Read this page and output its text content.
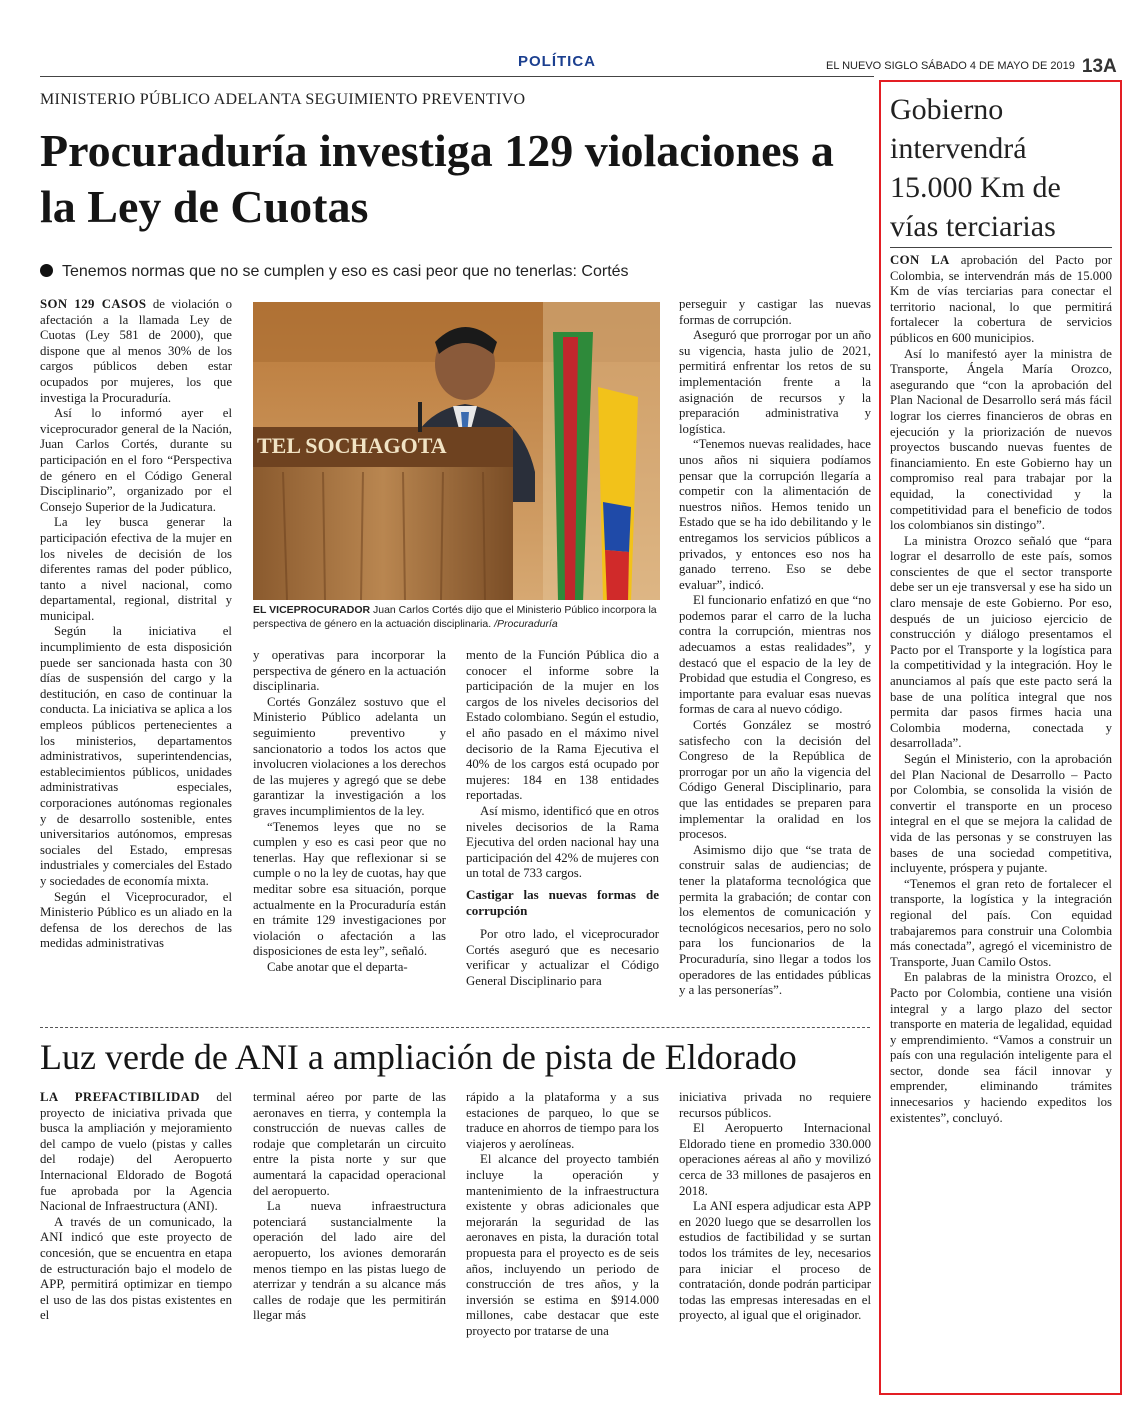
POLÍTICA	EL NUEVO SIGLO SÁBADO 4 DE MAYO DE 2019 13A
MINISTERIO PÚBLICO ADELANTA SEGUIMIENTO PREVENTIVO
Procuraduría investiga 129 violaciones a la Ley de Cuotas
Tenemos normas que no se cumplen y eso es casi peor que no tenerlas: Cortés

SON 129 CASOS de violación o afectación a la llamada Ley de Cuotas (Ley 581 de 2000), que dispone que al menos 30% de los cargos públicos deben estar ocupados por mujeres, los que investiga la Procuraduría.

Así lo informó ayer el viceprocurador general de la Nación, Juan Carlos Cortés, durante su participación en el foro “Perspectiva de género en el Código General Disciplinario”, organizado por el Consejo Superior de la Judicatura.

La ley busca generar la participación efectiva de la mujer en los niveles de decisión de los diferentes ramas del poder público, tanto a nivel nacional, como departamental, regional, distrital y municipal.

Según la iniciativa el incumplimiento de esta disposición puede ser sancionada hasta con 30 días de suspensión del cargo y la destitución, en caso de continuar la conducta. La iniciativa se aplica a los empleos públicos pertenecientes a los ministerios, departamentos administrativos, superintendencias, establecimientos públicos, unidades administrativas especiales, corporaciones autónomas regionales y de desarrollo sostenible, entes universitarios autónomos, empresas sociales del Estado, empresas industriales y comerciales del Estado y sociedades de economía mixta.

Según el Viceprocurador, el Ministerio Público es un aliado en la defensa de los derechos de las medidas administrativas

TEL SOCHAGOTA
EL VICEPROCURADOR Juan Carlos Cortés dijo que el Ministerio Público incorpora la perspectiva de género en la actuación disciplinaria. /Procuraduría

y operativas para incorporar la perspectiva de género en la actuación disciplinaria.

Cortés González sostuvo que el Ministerio Público adelanta un seguimiento preventivo y sancionatorio a todos los actos que involucren violaciones a los derechos de las mujeres y agregó que se debe garantizar la investigación a los graves incumplimientos de la ley.

“Tenemos leyes que no se cumplen y eso es casi peor que no tenerlas. Hay que reflexionar si se cumple o no la ley de cuotas, hay que meditar sobre esa situación, porque actualmente en la Procuraduría están en trámite 129 investigaciones por violación o afectación a las disposiciones de esta ley”, señaló.

Cabe anotar que el departa-

mento de la Función Pública dio a conocer el informe sobre la participación de la mujer en los cargos de los niveles decisorios del Estado colombiano. Según el estudio, el año pasado en el máximo nivel decisorio de la Rama Ejecutiva el 40% de los cargos está ocupado por mujeres: 184 en 138 entidades reportadas.

Así mismo, identificó que en otros niveles decisorios de la Rama Ejecutiva del orden nacional hay una participación del 42% de mujeres con un total de 733 cargos.

Castigar las nuevas formas de corrupción

Por otro lado, el viceprocurador Cortés aseguró que es necesario verificar y actualizar el Código General Disciplinario para

perseguir y castigar las nuevas formas de corrupción.

Aseguró que prorrogar por un año su vigencia, hasta julio de 2021, permitirá enfrentar los retos de su implementación frente a la asignación de recursos y la preparación administrativa y logística.

“Tenemos nuevas realidades, hace unos años ni siquiera podíamos pensar que la corrupción llegaría a competir con la alimentación de nuestros niños. Hemos tenido un Estado que se ha ido debilitando y le entregamos los servicios públicos a privados, y entonces eso nos ha ganado terreno. Eso se debe evaluar”, indicó.

El funcionario enfatizó en que “no podemos parar el carro de la lucha contra la corrupción, mientras nos adecuamos a estas realidades”, y destacó que el espacio de la ley de Probidad que estudia el Congreso, es importante para evaluar esas nuevas formas de cara al nuevo código.

Cortés González se mostró satisfecho con la decisión del Congreso de la República de prorrogar por un año la vigencia del Código General Disciplinario, para que las entidades se preparen para implementar la oralidad en los procesos.

Asimismo dijo que “se trata de construir salas de audiencias; de tener la plataforma tecnológica que permita la grabación; de contar con los elementos de comunicación y tecnológicos necesarios, pero no solo para los funcionarios de la Procuraduría, sino llegar a todos los operadores de las entidades públicas y a las personerías”.

Luz verde de ANI a ampliación de pista de Eldorado

LA PREFACTIBILIDAD del proyecto de iniciativa privada que busca la ampliación y mejoramiento del campo de vuelo (pistas y calles del rodaje) del Aeropuerto Internacional Eldorado de Bogotá fue aprobada por la Agencia Nacional de Infraestructura (ANI).

A través de un comunicado, la ANI indicó que este proyecto de concesión, que se encuentra en etapa de estructuración bajo el modelo de APP, permitirá optimizar en tiempo el uso de las dos pistas existentes en el

terminal aéreo por parte de las aeronaves en tierra, y contempla la construcción de nuevas calles de rodaje que completarán un circuito entre la pista norte y sur que aumentará la capacidad operacional del aeropuerto.

La nueva infraestructura potenciará sustancialmente la operación del lado aire del aeropuerto, los aviones demorarán menos tiempo en las pistas luego de aterrizar y tendrán a su alcance más calles de rodaje que les permitirán llegar más

rápido a la plataforma y a sus estaciones de parqueo, lo que se traduce en ahorros de tiempo para los viajeros y aerolíneas.

El alcance del proyecto también incluye la operación y mantenimiento de la infraestructura existente y obras adicionales que mejorarán la seguridad de las aeronaves en pista, la duración total propuesta para el proyecto es de seis años, incluyendo un periodo de construcción de tres años, y la inversión se estima en $914.000 millones, cabe destacar que este proyecto por tratarse de una

iniciativa privada no requiere recursos públicos.

El Aeropuerto Internacional Eldorado tiene en promedio 330.000 operaciones aéreas al año y movilizó cerca de 33 millones de pasajeros en 2018.

La ANI espera adjudicar esta APP en 2020 luego que se desarrollen los estudios de factibilidad y se surtan todos los trámites de ley, necesarios para iniciar el proceso de contratación, donde podrán participar todas las empresas interesadas en el proyecto, al igual que el originador.

Gobierno intervendrá 15.000 Km de vías terciarias

CON LA aprobación del Pacto por Colombia, se intervendrán más de 15.000 Km de vías terciarias para conectar el territorio nacional, lo que permitirá fortalecer la cobertura de servicios públicos en 600 municipios.

Así lo manifestó ayer la ministra de Transporte, Ángela María Orozco, asegurando que “con la aprobación del Plan Nacional de Desarrollo será más fácil lograr los cierres financieros de obras en ejecución y la priorización de nuevos proyectos buscando nuevas fuentes de financiamiento. En este Gobierno hay un compromiso real para trabajar por la equidad, la conectividad y la competitividad para el beneficio de todos los colombianos sin distingo”.

La ministra Orozco señaló que “para lograr el desarrollo de este país, somos conscientes de que el sector transporte debe ser un eje transversal y ese ha sido un claro mensaje de este Gobierno. Por eso, después de un juicioso ejercicio de construcción y diálogo presentamos el Pacto por el Transporte y la logística para la competitividad y la integración. Hoy le anunciamos al país que este pacto será la base de una política integral que nos permita dar pasos firmes hacia una Colombia moderna, conectada y desarrollada”.

Según el Ministerio, con la aprobación del Plan Nacional de Desarrollo – Pacto por Colombia, se consolida la visión de convertir el transporte en un proceso integral en el que se mejora la calidad de vida de las personas y se construyen las bases de una sociedad competitiva, incluyente, próspera y pujante.

“Tenemos el gran reto de fortalecer el transporte, la logística y la integración regional del país. Con equidad trabajaremos para construir una Colombia más conectada”, agregó el viceministro de Transporte, Juan Camilo Ostos.

En palabras de la ministra Orozco, el Pacto por Colombia, contiene una visión integral y a largo plazo del sector transporte en materia de legalidad, equidad y emprendimiento. “Vamos a construir un país con una regulación inteligente para el sector, donde sea fácil innovar y emprender, eliminando trámites innecesarios y haciendo expeditos los existentes”, concluyó.
